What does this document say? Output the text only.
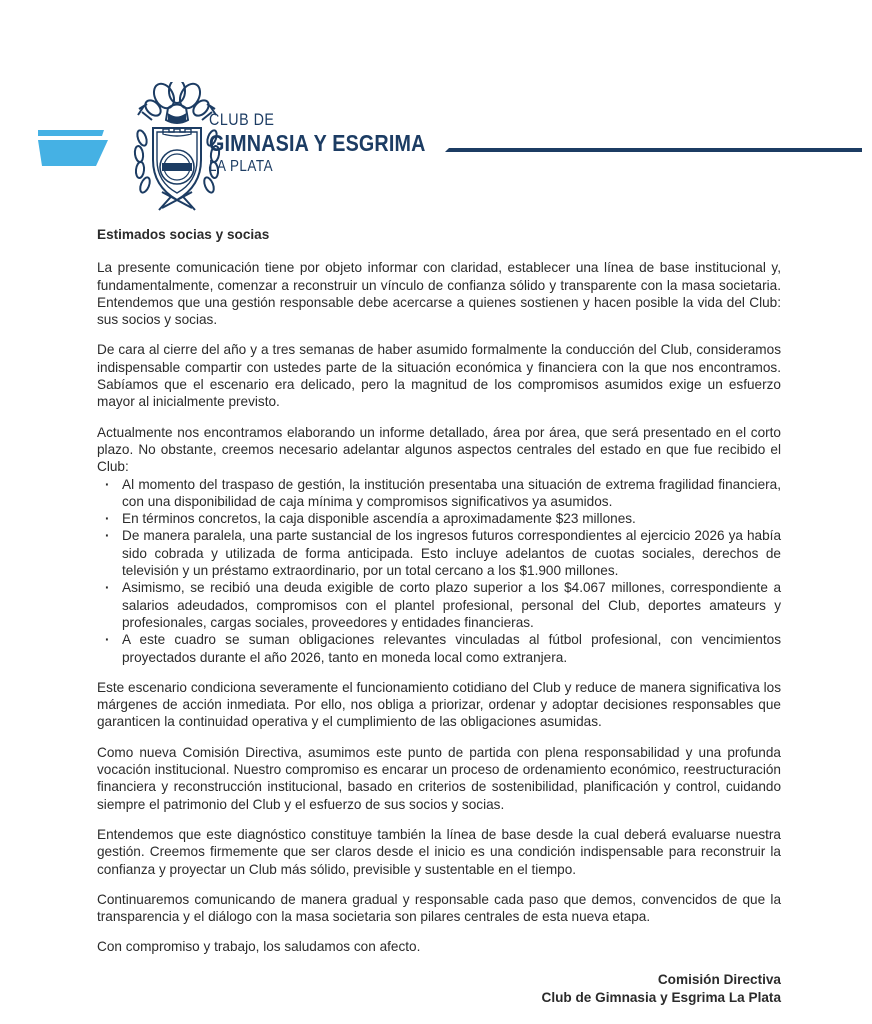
CLUB DE
GIMNASIA Y ESGRIMA
LA PLATA

Estimados socias y socias

La presente comunicación tiene por objeto informar con claridad, establecer una línea de base institucional y, fundamentalmente, comenzar a reconstruir un vínculo de confianza sólido y transparente con la masa societaria. Entendemos que una gestión responsable debe acercarse a quienes sostienen y hacen posible la vida del Club: sus socios y socias.

De cara al cierre del año y a tres semanas de haber asumido formalmente la conducción del Club, consideramos indispensable compartir con ustedes parte de la situación económica y financiera con la que nos encontramos. Sabíamos que el escenario era delicado, pero la magnitud de los compromisos asumidos exige un esfuerzo mayor al inicialmente previsto.

Actualmente nos encontramos elaborando un informe detallado, área por área, que será presentado en el corto plazo. No obstante, creemos necesario adelantar algunos aspectos centrales del estado en que fue recibido el Club:

· Al momento del traspaso de gestión, la institución presentaba una situación de extrema fragilidad financiera, con una disponibilidad de caja mínima y compromisos significativos ya asumidos.
· En términos concretos, la caja disponible ascendía a aproximadamente $23 millones.
· De manera paralela, una parte sustancial de los ingresos futuros correspondientes al ejercicio 2026 ya había sido cobrada y utilizada de forma anticipada. Esto incluye adelantos de cuotas sociales, derechos de televisión y un préstamo extraordinario, por un total cercano a los $1.900 millones.
· Asimismo, se recibió una deuda exigible de corto plazo superior a los $4.067 millones, correspondiente a salarios adeudados, compromisos con el plantel profesional, personal del Club, deportes amateurs y profesionales, cargas sociales, proveedores y entidades financieras.
· A este cuadro se suman obligaciones relevantes vinculadas al fútbol profesional, con vencimientos proyectados durante el año 2026, tanto en moneda local como extranjera.

Este escenario condiciona severamente el funcionamiento cotidiano del Club y reduce de manera significativa los márgenes de acción inmediata. Por ello, nos obliga a priorizar, ordenar y adoptar decisiones responsables que garanticen la continuidad operativa y el cumplimiento de las obligaciones asumidas.

Como nueva Comisión Directiva, asumimos este punto de partida con plena responsabilidad y una profunda vocación institucional. Nuestro compromiso es encarar un proceso de ordenamiento económico, reestructuración financiera y reconstrucción institucional, basado en criterios de sostenibilidad, planificación y control, cuidando siempre el patrimonio del Club y el esfuerzo de sus socios y socias.

Entendemos que este diagnóstico constituye también la línea de base desde la cual deberá evaluarse nuestra gestión. Creemos firmemente que ser claros desde el inicio es una condición indispensable para reconstruir la confianza y proyectar un Club más sólido, previsible y sustentable en el tiempo.

Continuaremos comunicando de manera gradual y responsable cada paso que demos, convencidos de que la transparencia y el diálogo con la masa societaria son pilares centrales de esta nueva etapa.

Con compromiso y trabajo, los saludamos con afecto.

Comisión Directiva
Club de Gimnasia y Esgrima La Plata
